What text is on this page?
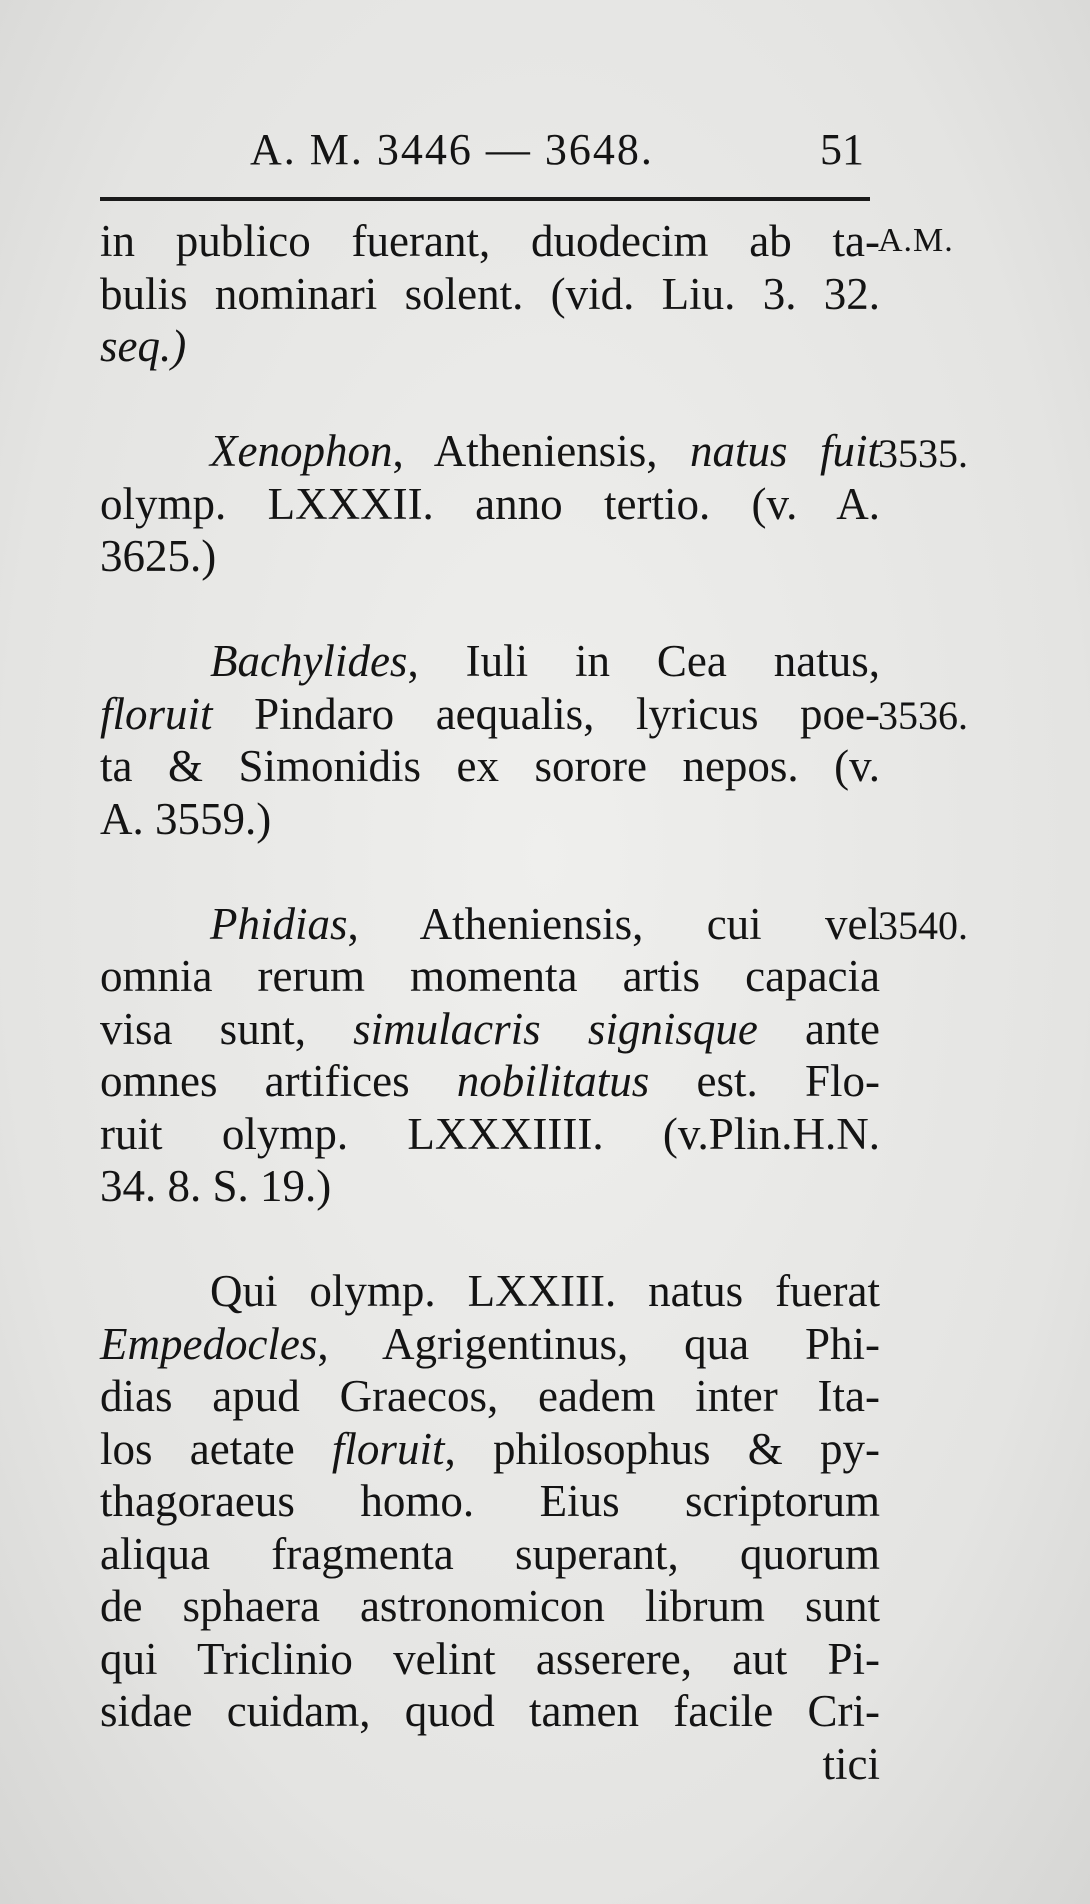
A. M. 3446 — 3648.	51
A.M.
3535.
3536.
3540.
in publico fuerant, duodecim ab ta-
bulis nominari solent. (vid. Liu. 3. 32.
seq.)
Xenophon, Atheniensis, natus fuit
olymp. LXXXII. anno tertio. (v. A.
3625.)
Bachylides, Iuli in Cea natus,
floruit Pindaro aequalis, lyricus poe-
ta & Simonidis ex sorore nepos. (v.
A. 3559.)
Phidias, Atheniensis, cui vel
omnia rerum momenta artis capacia
visa sunt, simulacris signisque ante
omnes artifices nobilitatus est. Flo-
ruit olymp. LXXXIIII. (v.Plin.H.N.
34. 8. S. 19.)
Qui olymp. LXXIII. natus fuerat
Empedocles, Agrigentinus, qua Phi-
dias apud Graecos, eadem inter Ita-
los aetate floruit, philosophus & py-
thagoraeus homo. Eius scriptorum
aliqua fragmenta superant, quorum
de sphaera astronomicon librum sunt
qui Triclinio velint asserere, aut Pi-
sidae cuidam, quod tamen facile Cri-
tici
